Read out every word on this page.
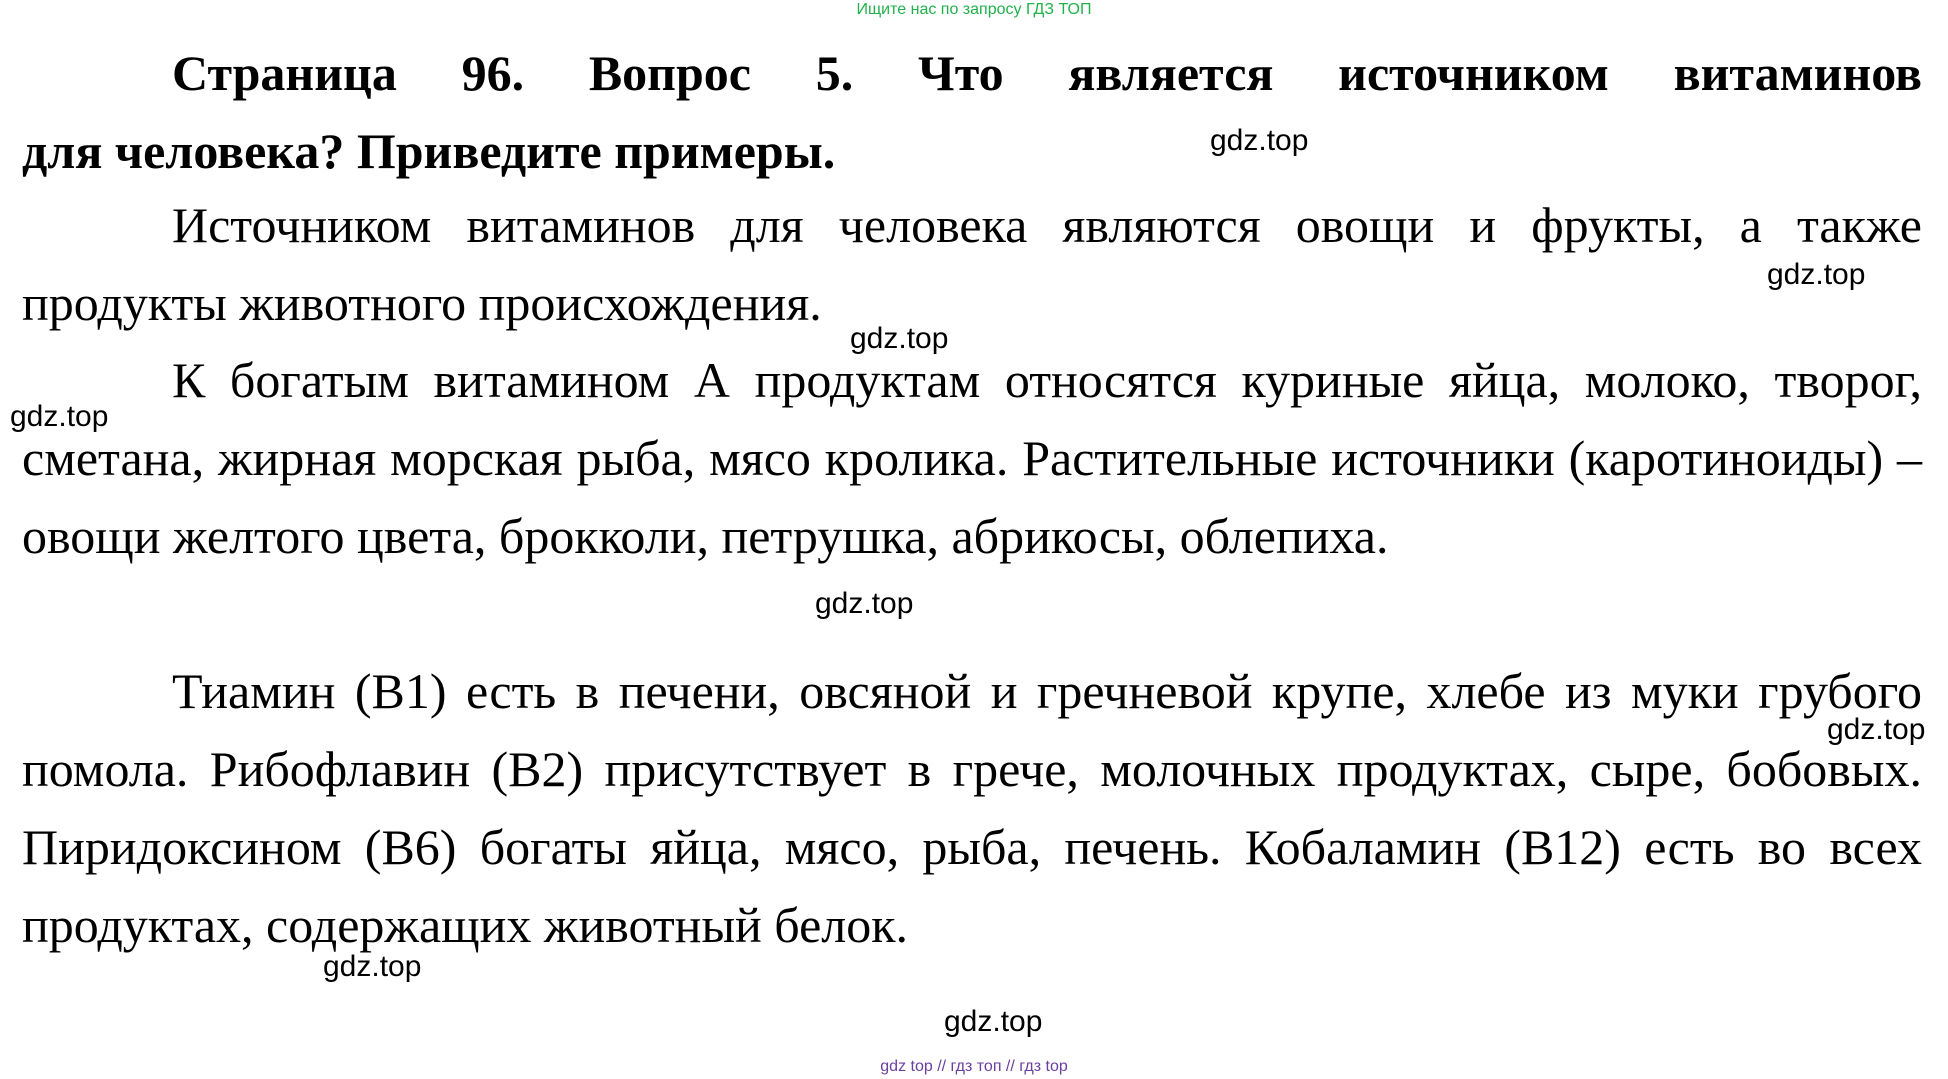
Ищите нас по запросу ГДЗ ТОП
Страница 96. Вопрос 5. Что является источником витаминов
для человека? Приведите примеры.
Источником витаминов для человека являются овощи и фрукты, а также продукты животного происхождения.
К богатым витамином А продуктам относятся куриные яйца, молоко, творог, сметана, жирная морская рыба, мясо кролика. Растительные источники (каротиноиды) – овощи желтого цвета, брокколи, петрушка, абрикосы, облепиха.
Тиамин (В1) есть в печени, овсяной и гречневой крупе, хлебе из муки грубого помола. Рибофлавин (В2) присутствует в грече, молочных продуктах, сыре, бобовых. Пиридоксином (В6) богаты яйца, мясо, рыба, печень. Кобаламин (В12) есть во всех продуктах, содержащих животный белок.
gdz.top
gdz.top
gdz.top
gdz.top
gdz.top
gdz.top
gdz.top
gdz.top
gdz top // гдз топ // гдз top
